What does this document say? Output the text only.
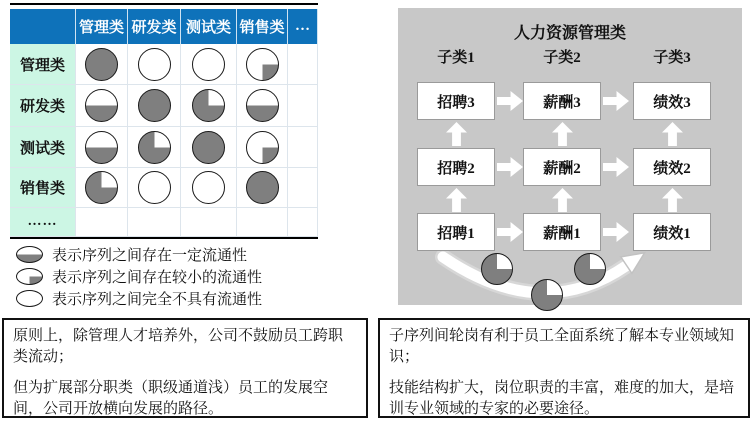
管理类 研发类 测试类 销售类 …
管理类
研发类
测试类
销售类
……
表示序列之间存在一定流通性
表示序列之间存在较小的流通性
表示序列之间完全不具有流通性
人力资源管理类
子类1	子类2	子类3
招聘3	薪酬3	绩效3
招聘2	薪酬2	绩效2
招聘1	薪酬1	绩效1

原则上，除管理人才培养外，公司不鼓励员工跨职类流动；

但为扩展部分职类（职级通道浅）员工的发展空间，公司开放横向发展的路径。

子序列间轮岗有利于员工全面系统了解本专业领域知识；

技能结构扩大，岗位职责的丰富，难度的加大，是培训专业领域的专家的必要途径。
